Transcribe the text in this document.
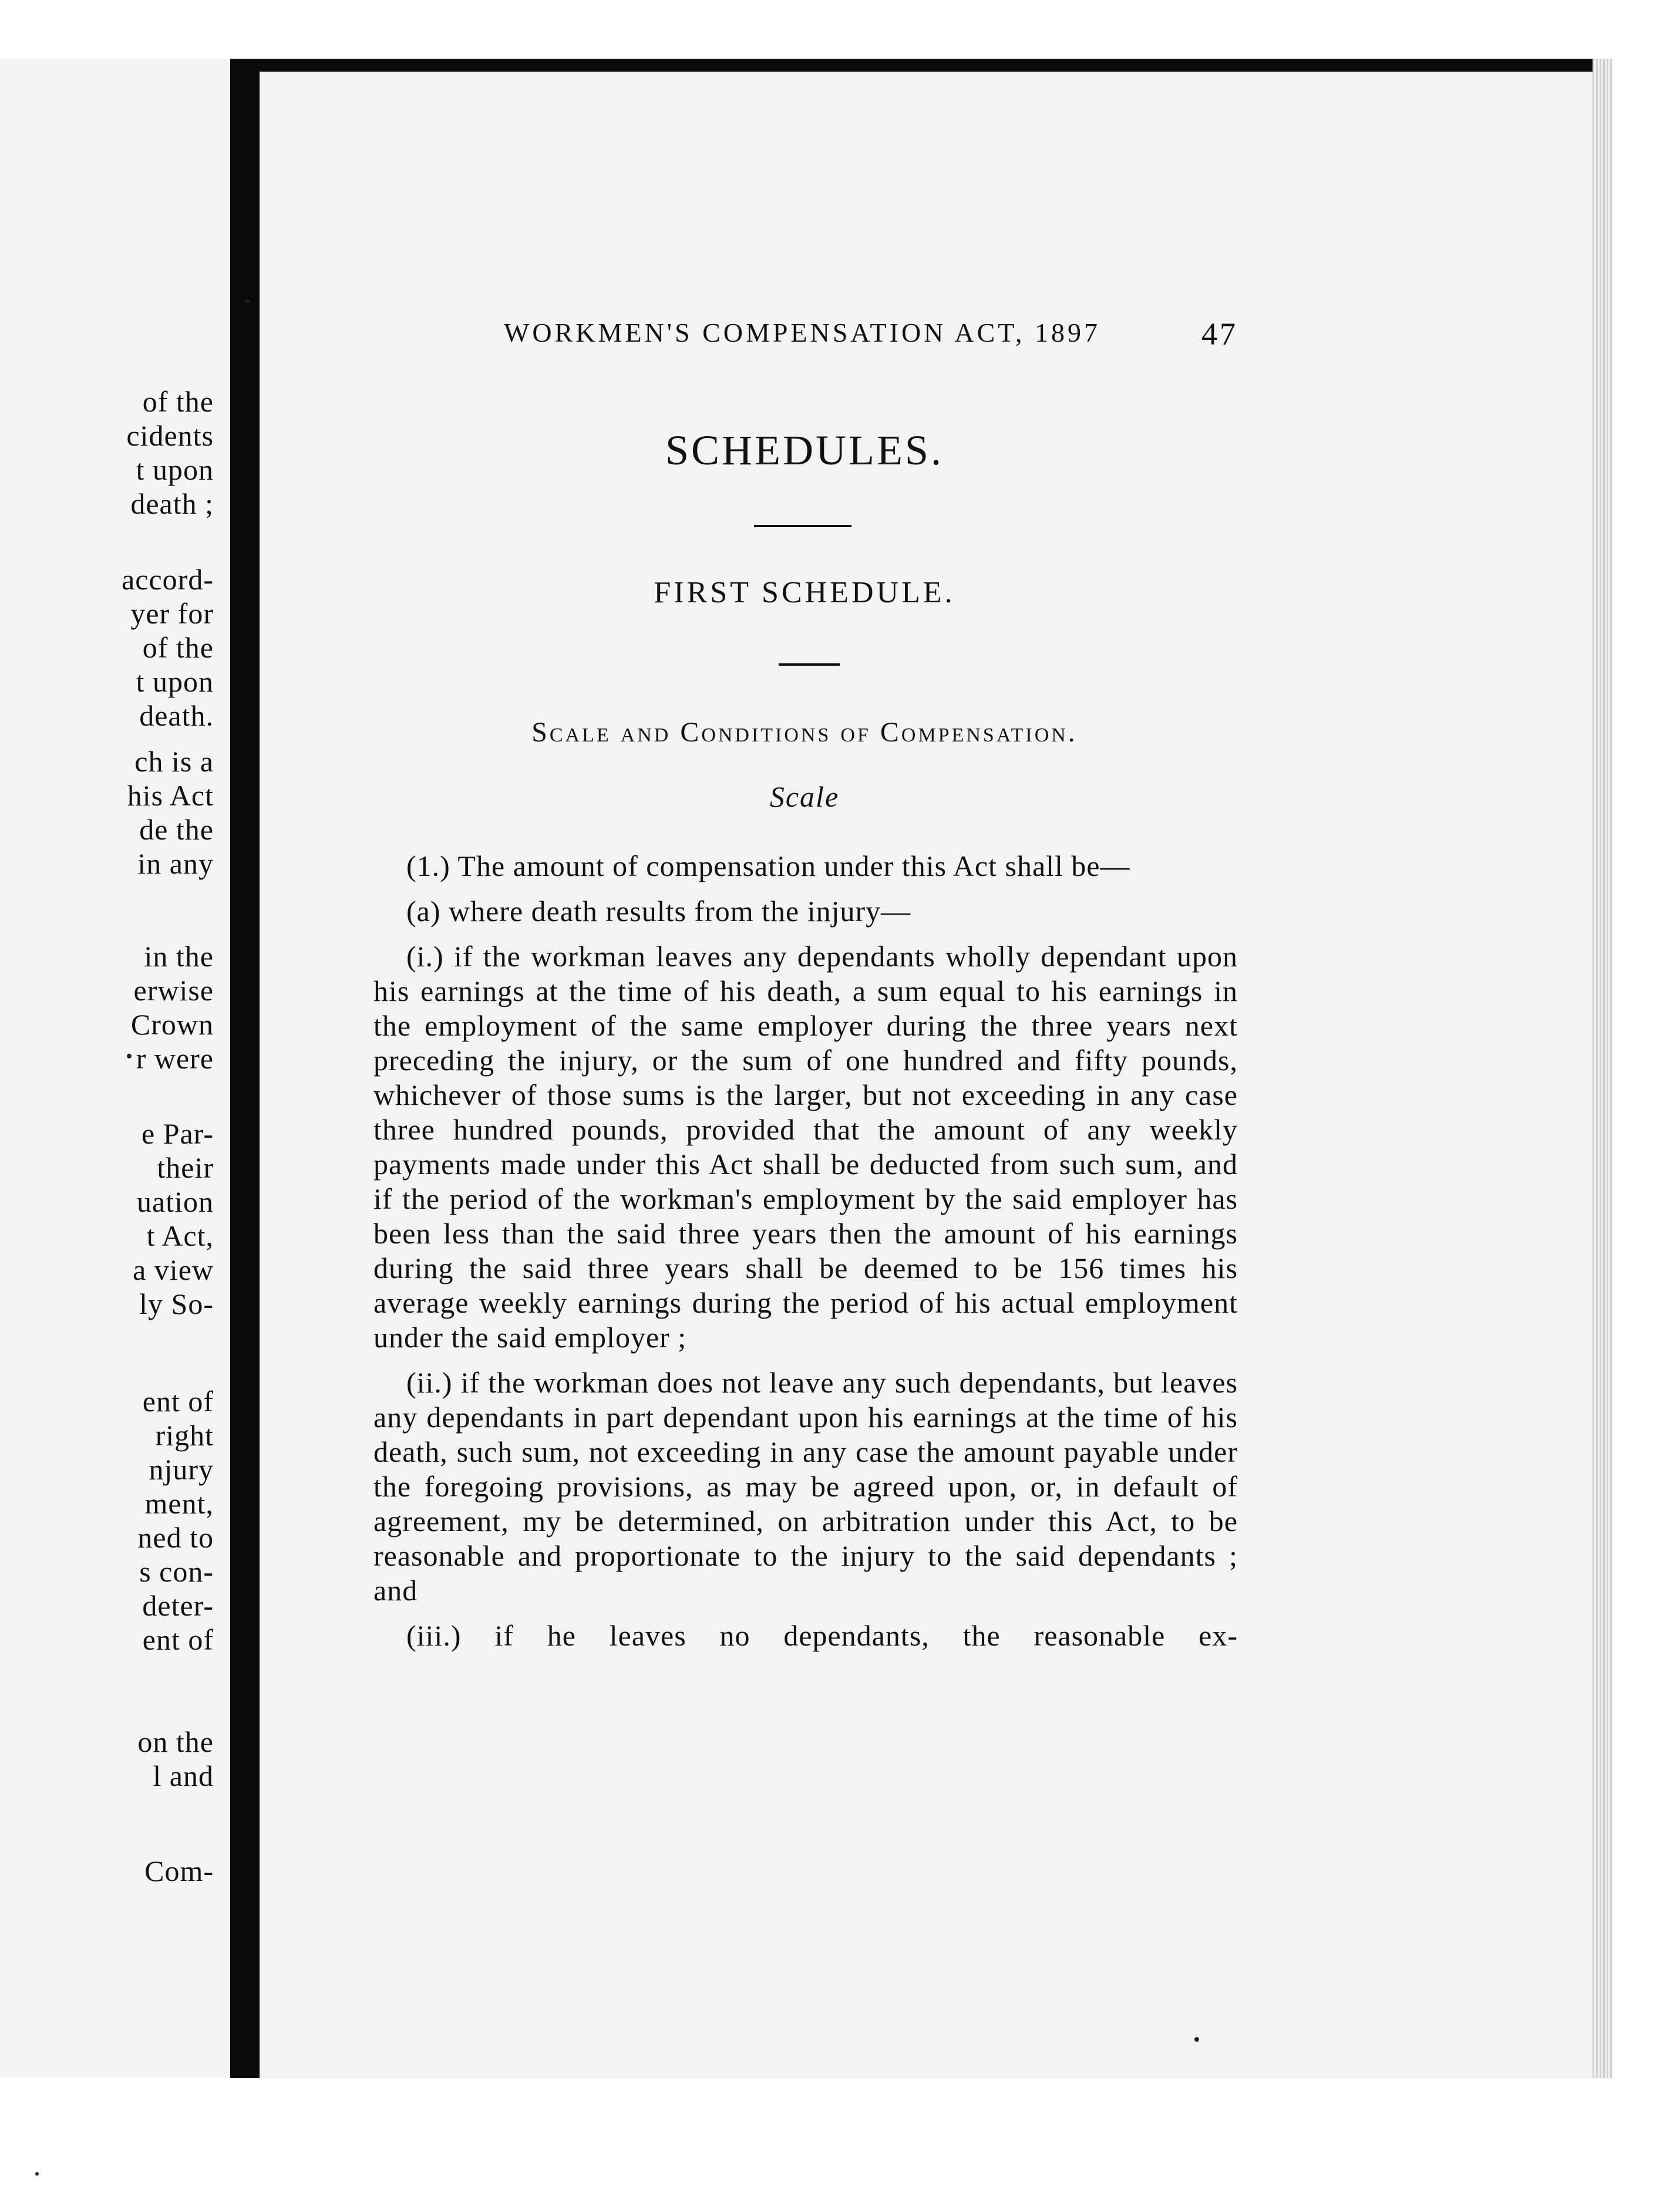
of the
cidents
t upon
death ;
accord-
yer for
of the
t upon
death.
ch is a
his Act
de the
in any
in the
erwise
Crown
r were
e Par-
their
uation
t Act,
a view
ly So-
ent of
right
njury
ment,
ned to
s con-
deter-
ent of
on the
l and
Com-
WORKMEN'S COMPENSATION ACT, 1897	47
SCHEDULES.
FIRST SCHEDULE.
Scale and Conditions of Compensation.
Scale

(1.) The amount of compensation under this Act shall be—

(a) where death results from the injury—

(i.) if the workman leaves any dependants wholly dependant upon his earnings at the time of his death, a sum equal to his earnings in the employment of the same employer during the three years next preceding the injury, or the sum of one hundred and fifty pounds, whichever of those sums is the larger, but not exceeding in any case three hundred pounds, provided that the amount of any weekly payments made under this Act shall be deducted from such sum, and if the period of the workman's employment by the said employer has been less than the said three years then the amount of his earnings during the said three years shall be deemed to be 156 times his average weekly earnings during the period of his actual employment under the said employer ;

(ii.) if the workman does not leave any such dependants, but leaves any dependants in part dependant upon his earnings at the time of his death, such sum, not exceeding in any case the amount payable under the foregoing provisions, as may be agreed upon, or, in default of agreement, my be determined, on arbitration under this Act, to be reasonable and proportionate to the injury to the said dependants ; and

(iii.) if he leaves no dependants, the reasonable ex-
